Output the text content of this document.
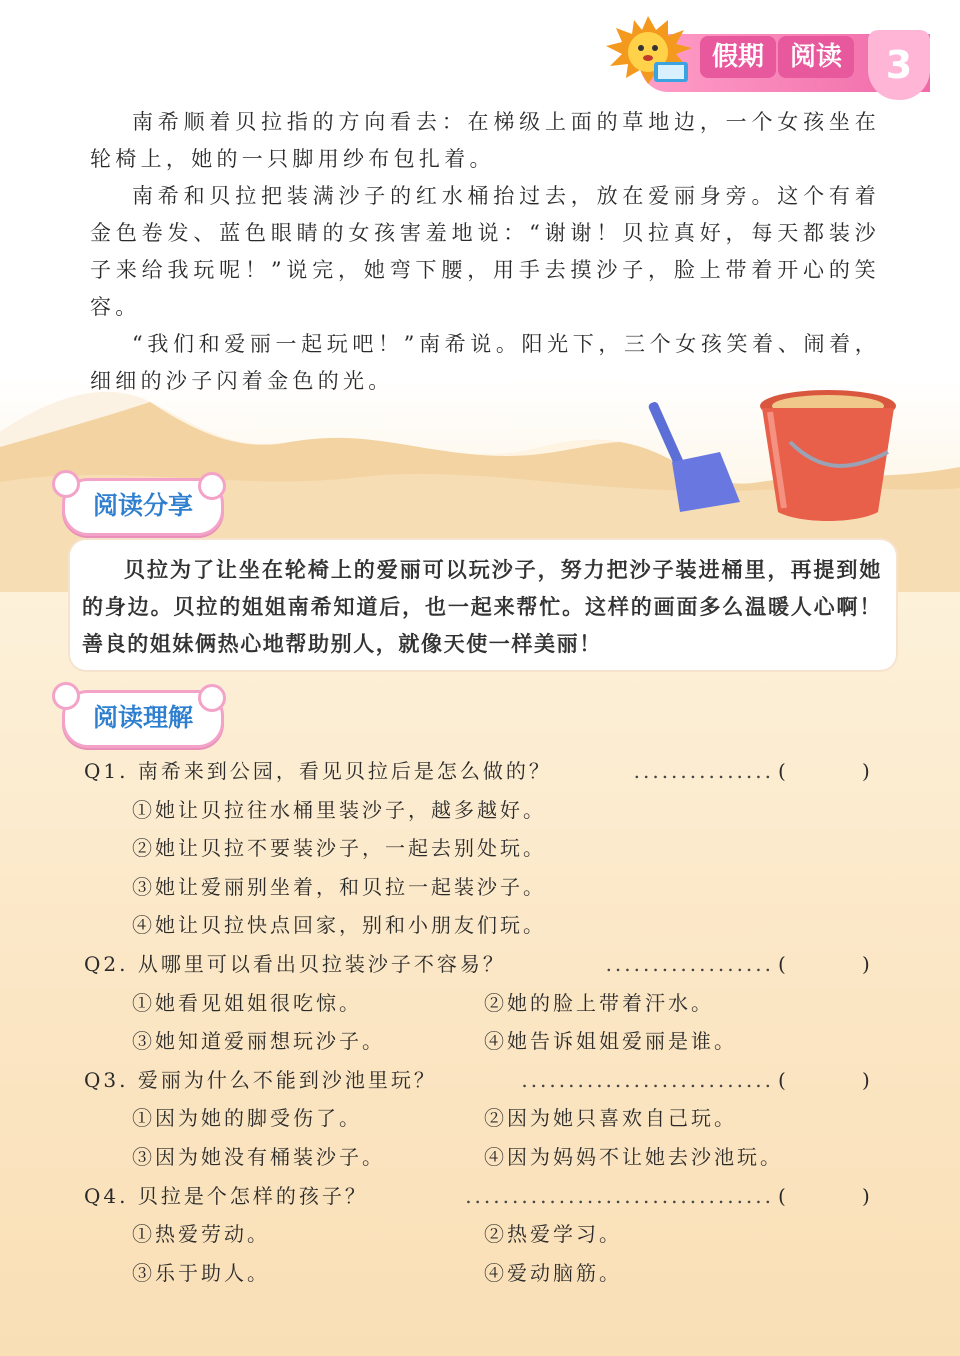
假期 阅读	3

南希顺着贝拉指的方向看去：在梯级上面的草地边，一个女孩坐在轮椅上，她的一只脚用纱布包扎着。

南希和贝拉把装满沙子的红水桶抬过去，放在爱丽身旁。这个有着金色卷发、蓝色眼睛的女孩害羞地说：“谢谢！贝拉真好，每天都装沙子来给我玩呢！”说完，她弯下腰，用手去摸沙子，脸上带着开心的笑容。

“我们和爱丽一起玩吧！”南希说。阳光下，三个女孩笑着、闹着，细细的沙子闪着金色的光。

阅读分享

贝拉为了让坐在轮椅上的爱丽可以玩沙子，努力把沙子装进桶里，再提到她的身边。贝拉的姐姐南希知道后，也一起来帮忙。这样的画面多么温暖人心啊！善良的姐妹俩热心地帮助别人，就像天使一样美丽！

阅读理解
Q1. 南希来到公园，看见贝拉后是怎么做的？	............... (	)
①她让贝拉往水桶里装沙子，越多越好。
②她让贝拉不要装沙子，一起去别处玩。
③她让爱丽别坐着，和贝拉一起装沙子。
④她让贝拉快点回家，别和小朋友们玩。
Q2. 从哪里可以看出贝拉装沙子不容易？	.................. (	)
①她看见姐姐很吃惊。	②她的脸上带着汗水。
③她知道爱丽想玩沙子。	④她告诉姐姐爱丽是谁。
Q3. 爱丽为什么不能到沙池里玩？	........................... (	)
①因为她的脚受伤了。	②因为她只喜欢自己玩。
③因为她没有桶装沙子。	④因为妈妈不让她去沙池玩。
Q4. 贝拉是个怎样的孩子？	................................. (	)
①热爱劳动。	②热爱学习。
③乐于助人。	④爱动脑筋。
